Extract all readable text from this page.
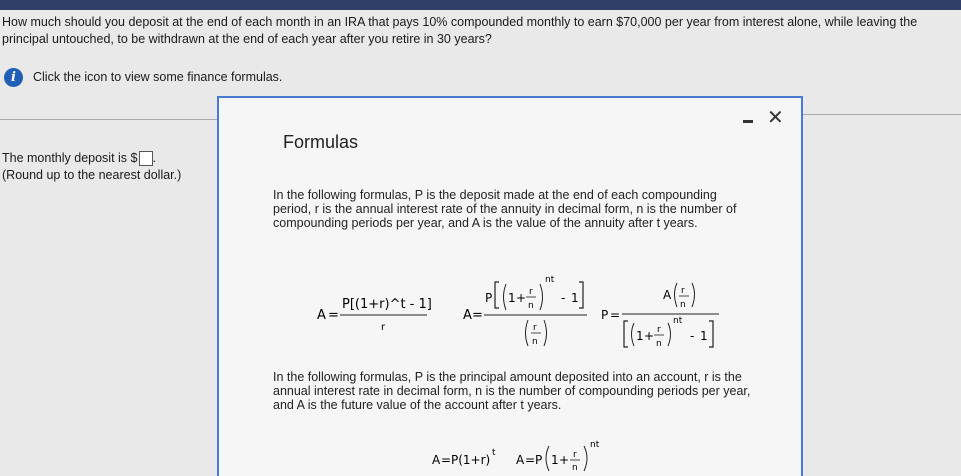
How much should you deposit at the end of each month in an IRA that pays 10% compounded monthly to earn $70,000 per year from interest alone, while leaving the
principal untouched, to be withdrawn at the end of each year after you retire in 30 years?
i	Click the icon to view some finance formulas.
The monthly deposit is $ .
(Round up to the nearest dollar.)
Formulas
✕
In the following formulas, P is the deposit made at the end of each compounding period, r is the annual interest rate of the annuity in decimal form, n is the number of compounding periods per year, and A is the value of the annuity after t years.
A =
P[(1+r)^t - 1]
r
A =
P 1 + r
n
nt
- 1
r
n
P =
A r
n
1 + r
n
nt
- 1
In the following formulas, P is the principal amount deposited into an account, r is the annual interest rate in decimal form, n is the number of compounding periods per year, and A is the future value of the account after t years.
A = P(1+r) t A = P 1 + r
n
nt
